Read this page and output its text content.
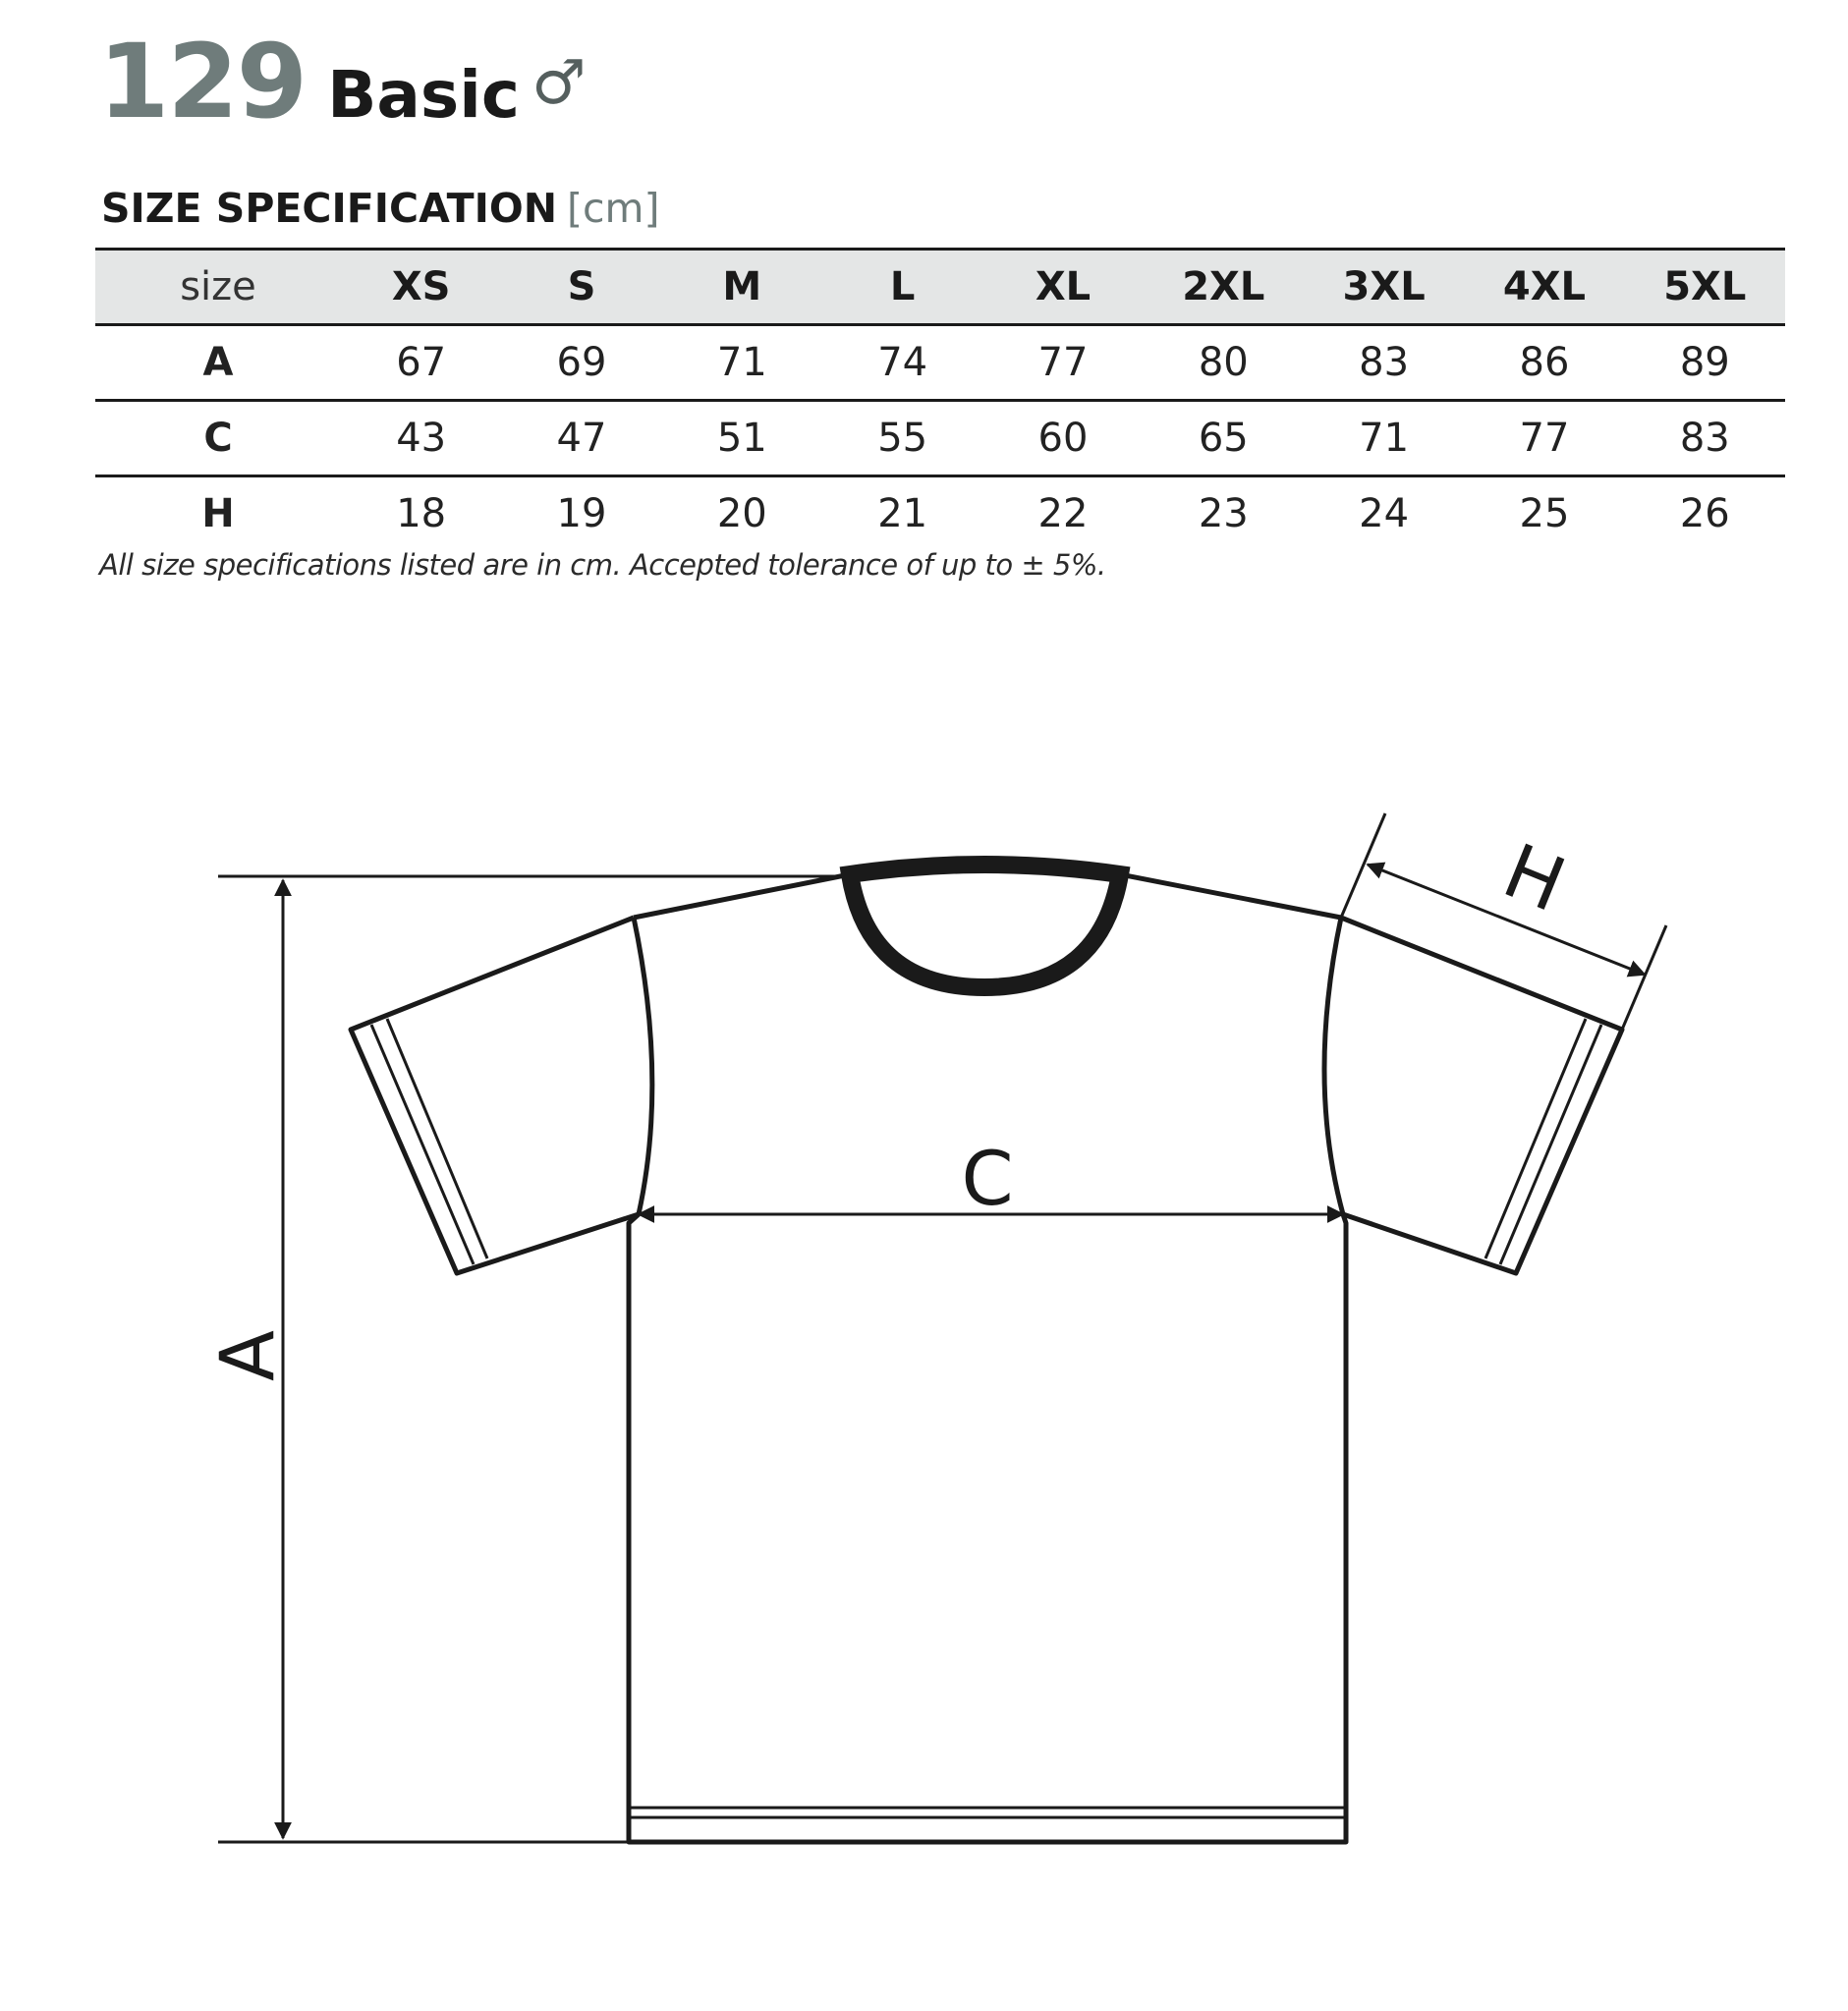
129 Basic ♂
SIZE SPECIFICATION [cm]
size	XS	S	M	L	XL	2XL	3XL	4XL	5XL
A	67	69	71	74	77	80	83	86	89
C	43	47	51	55	60	65	71	77	83
H	18	19	20	21	22	23	24	25	26
All size specifications listed are in cm. Accepted tolerance of up to ± 5%.
A
C
H
